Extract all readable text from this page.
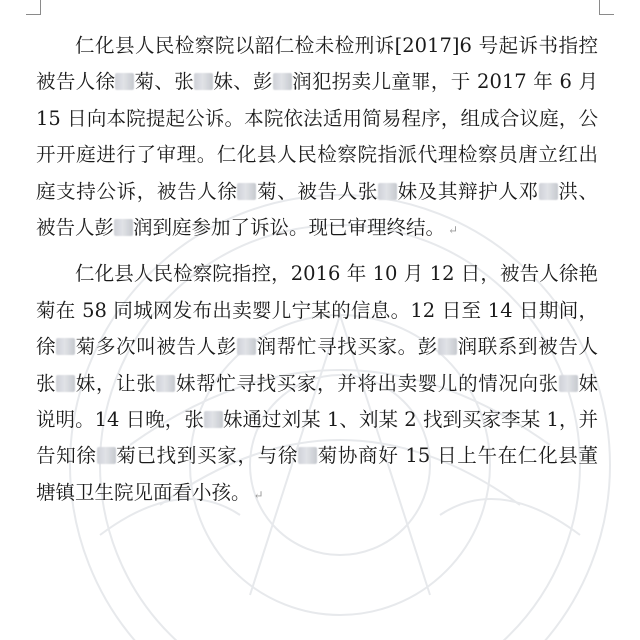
仁化县人民检察院以韶仁检未检刑诉[2017]6 号起诉书指控被告人徐 菊、张 妹、彭 润犯拐卖儿童罪，于 2017 年 6 月 15 日向本院提起公诉。本院依法适用简易程序，组成合议庭，公开开庭进行了审理。仁化县人民检察院指派代理检察员唐立红出庭支持公诉，被告人徐 菊、被告人张 妹及其辩护人邓 洪、被告人彭 润到庭参加了诉讼。现已审理终结。 ↵

仁化县人民检察院指控，2016 年 10 月 12 日，被告人徐艳菊在 58 同城网发布出卖婴儿宁某的信息。12 日至 14 日期间，徐 菊多次叫被告人彭 润帮忙寻找买家。彭 润联系到被告人张 妹，让张 妹帮忙寻找买家，并将出卖婴儿的情况向张 妹说明。14 日晚，张 妹通过刘某 1、刘某 2 找到买家李某 1，并告知徐 菊已找到买家，与徐 菊协商好 15 日上午在仁化县董塘镇卫生院见面看小孩。 ↵
